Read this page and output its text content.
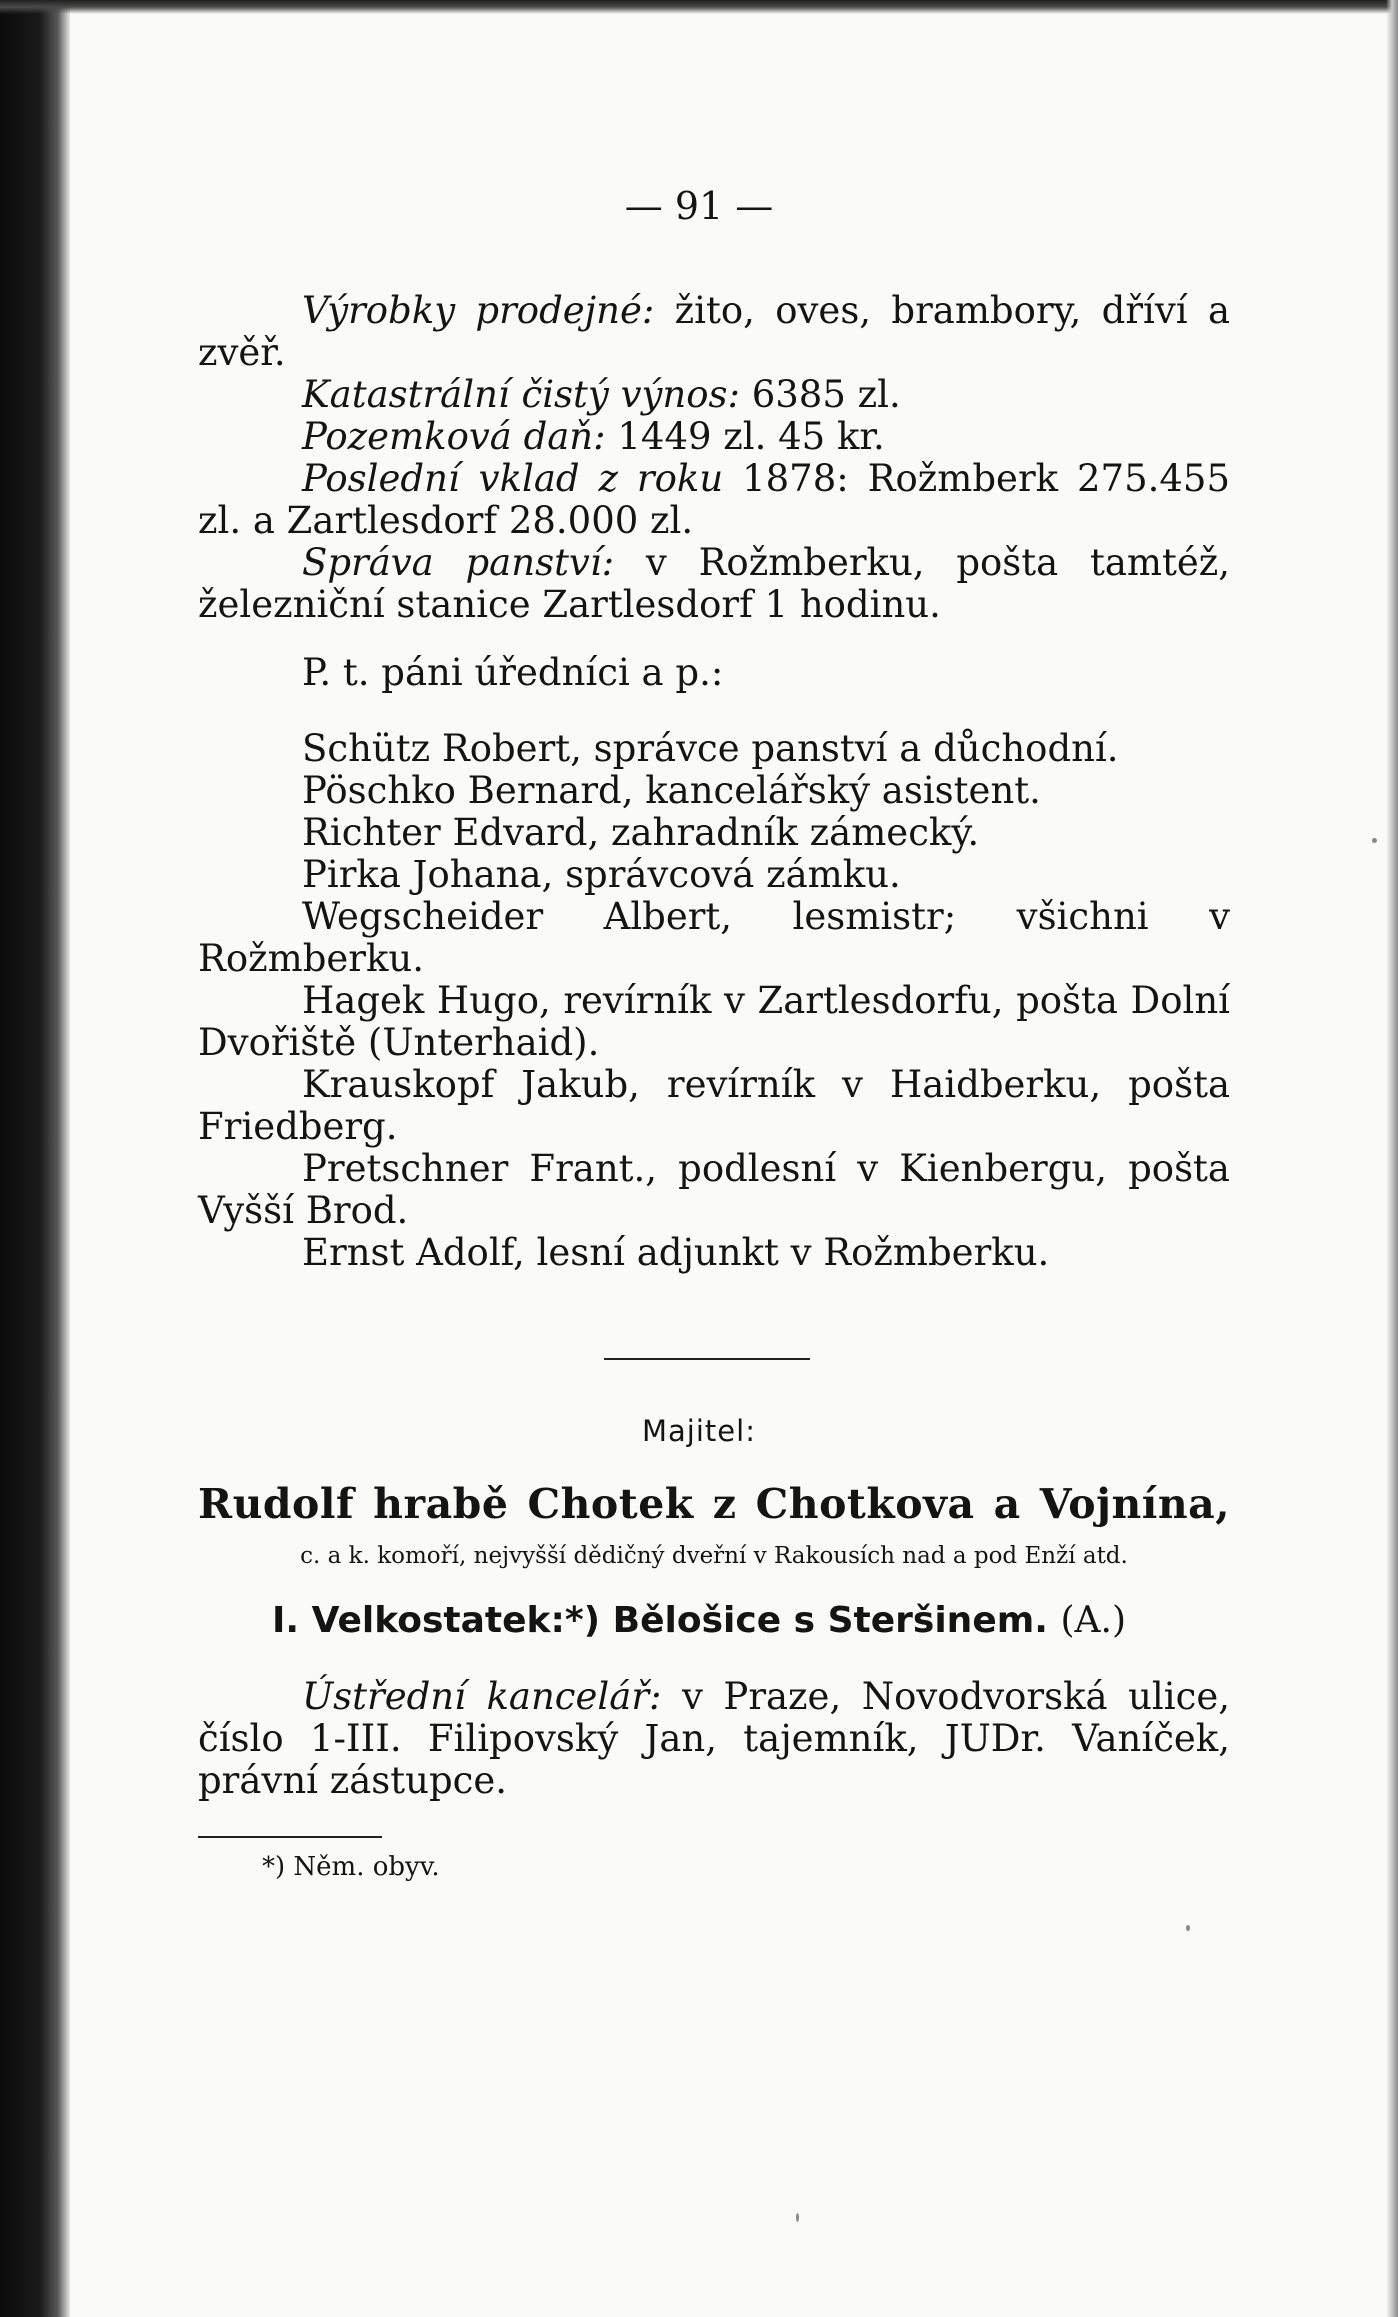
— 91 —

Výrobky prodejné: žito, oves, brambory, dříví a zvěř.

Katastrální čistý výnos: 6385 zl.

Pozemková daň: 1449 zl. 45 kr.

Poslední vklad z roku 1878: Rožmberk 275.455 zl. a Zartlesdorf 28.000 zl.

Správa panství: v Rožmberku, pošta tamtéž, železniční stanice Zartlesdorf 1 hodinu.

P. t. páni úředníci a p.:

Schütz Robert, správce panství a důchodní.

Pöschko Bernard, kancelářský asistent.

Richter Edvard, zahradník zámecký.

Pirka Johana, správcová zámku.

Wegscheider Albert, lesmistr; všichni v Rožmberku.

Hagek Hugo, revírník v Zartlesdorfu, pošta Dolní Dvořiště (Unterhaid).

Krauskopf Jakub, revírník v Haidberku, pošta Friedberg.

Pretschner Frant., podlesní v Kienbergu, pošta Vyšší Brod.

Ernst Adolf, lesní adjunkt v Rožmberku.

Majitel:
Rudolf hrabě Chotek z Chotkova a Vojnína,
c. a k. komoří, nejvyšší dědičný dveřní v Rakousích nad a pod Enží atd.
I. Velkostatek:*) Bělošice s Steršinem. (A.)

Ústřední kancelář: v Praze, Novodvorská ulice, číslo 1-III. Filipovský Jan, tajemník, JUDr. Vaníček, právní zástupce.

*) Něm. obyv.
